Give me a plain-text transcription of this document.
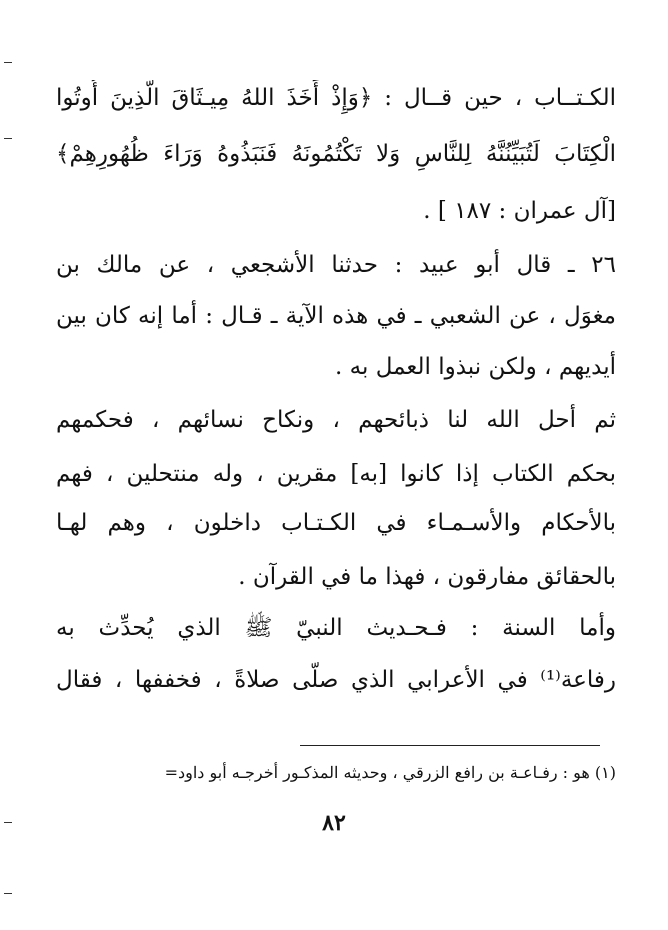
الكـتــاب ، حين قــال : ﴿وَإِذْ أَخَذَ اللهُ مِيـثَاقَ الَّذِينَ أُوتُوا
الْكِتَابَ لَتُبَيِّنُنَّهُ لِلنَّاسِ وَلا تَكْتُمُونَهُ فَنَبَذُوهُ وَرَاءَ ظُهُورِهِمْ﴾
[آل عمران : ١٨٧ ] .
٢٦ ـ قال أبو عبيد : حدثنا الأشجعي ، عن مالك بن
مغوَل ، عن الشعبي ـ في هذه الآية ـ قـال : أما إنه كان بين
أيديهم ، ولكن نبذوا العمل به .
ثم أحل الله لنا ذبائحهم ، ونكاح نسائهم ، فحكمهم
بحكم الكتاب إذا كانوا [به] مقرين ، وله منتحلين ، فهم
بالأحكام والأسـمـاء في الكـتـاب داخلون ، وهم لهـا
بالحقائق مفارقون ، فهذا ما في القرآن .
وأما السنة : فـحـديث النبيّ ﷺ الذي يُحدِّث به
رفاعة⁽¹⁾ في الأعرابي الذي صلّى صلاةً ، فخففها ، فقال
(١) هو : رفـاعـة بن رافع الزرقي ، وحديثه المذكـور أخرجـه أبو داود=
٨٢
